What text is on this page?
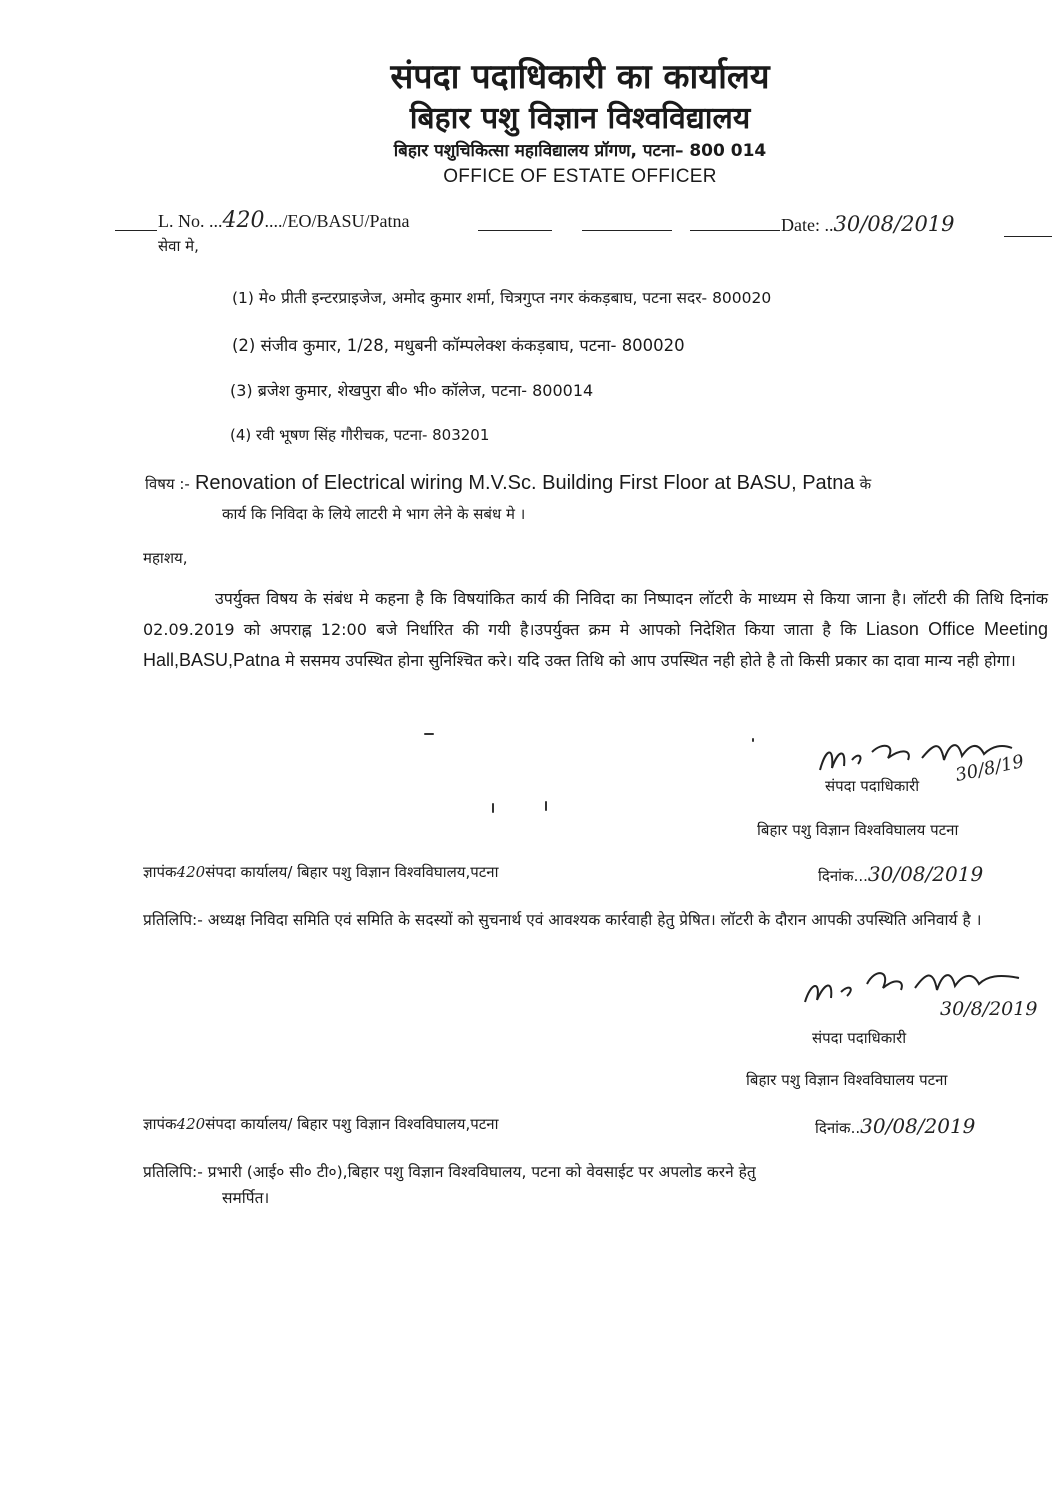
संपदा पदाधिकारी का कार्यालय
बिहार पशु विज्ञान विश्वविद्यालय
बिहार पशुचिकित्सा महाविद्यालय प्रॉगण, पटना– 800 014
OFFICE OF ESTATE OFFICER
L. No. ...420..../EO/BASU/Patna	Date: ..30/08/2019
सेवा मे,
(1) मे० प्रीती इन्टरप्राइजेज, अमोद कुमार शर्मा, चित्रगुप्त नगर कंकड़बाघ, पटना सदर- 800020
(2) संजीव कुमार, 1/28, मधुबनी कॉम्पलेक्श कंकड़बाघ, पटना- 800020
(3) ब्रजेश कुमार, शेखपुरा बी० भी० कॉलेज, पटना- 800014
(4) रवी भूषण सिंह गौरीचक, पटना- 803201
विषय :- Renovation of Electrical wiring M.V.Sc. Building First Floor at BASU, Patna के
कार्य कि निविदा के लिये लाटरी मे भाग लेने के सबंध मे ।
महाशय,
उपर्युक्त विषय के संबंध मे कहना है कि विषयांकित कार्य की निविदा का निष्पादन लॉटरी के माध्यम से किया जाना है। लॉटरी की तिथि दिनांक 02.09.2019 को अपराह्न 12:00 बजे निर्धारित की गयी है।उपर्युक्त क्रम मे आपको निदेशित किया जाता है कि Liason Office Meeting Hall,BASU,Patna मे ससमय उपस्थित होना सुनिश्चित करे। यदि उक्त तिथि को आप उपस्थित नही होते है तो किसी प्रकार का दावा मान्य नही होगा।
30/8/19
संपदा पदाधिकारी
बिहार पशु विज्ञान विश्वविघालय पटना
ज्ञापंक420संपदा कार्यालय/ बिहार पशु विज्ञान विश्वविघालय,पटना	दिनांक...30/08/2019
प्रतिलिपि:- अध्यक्ष निविदा समिति एवं समिति के सदस्यों को सुचनार्थ एवं आवश्यक कार्रवाही हेतु प्रेषित। लॉटरी के दौरान आपकी उपस्थिति अनिवार्य है ।
30/8/2019
संपदा पदाधिकारी
बिहार पशु विज्ञान विश्वविघालय पटना
ज्ञापंक420संपदा कार्यालय/ बिहार पशु विज्ञान विश्वविघालय,पटना	दिनांक..30/08/2019
प्रतिलिपि:- प्रभारी (आई० सी० टी०),बिहार पशु विज्ञान विश्वविघालय, पटना को वेवसाईट पर अपलोड करने हेतु
समर्पित।
